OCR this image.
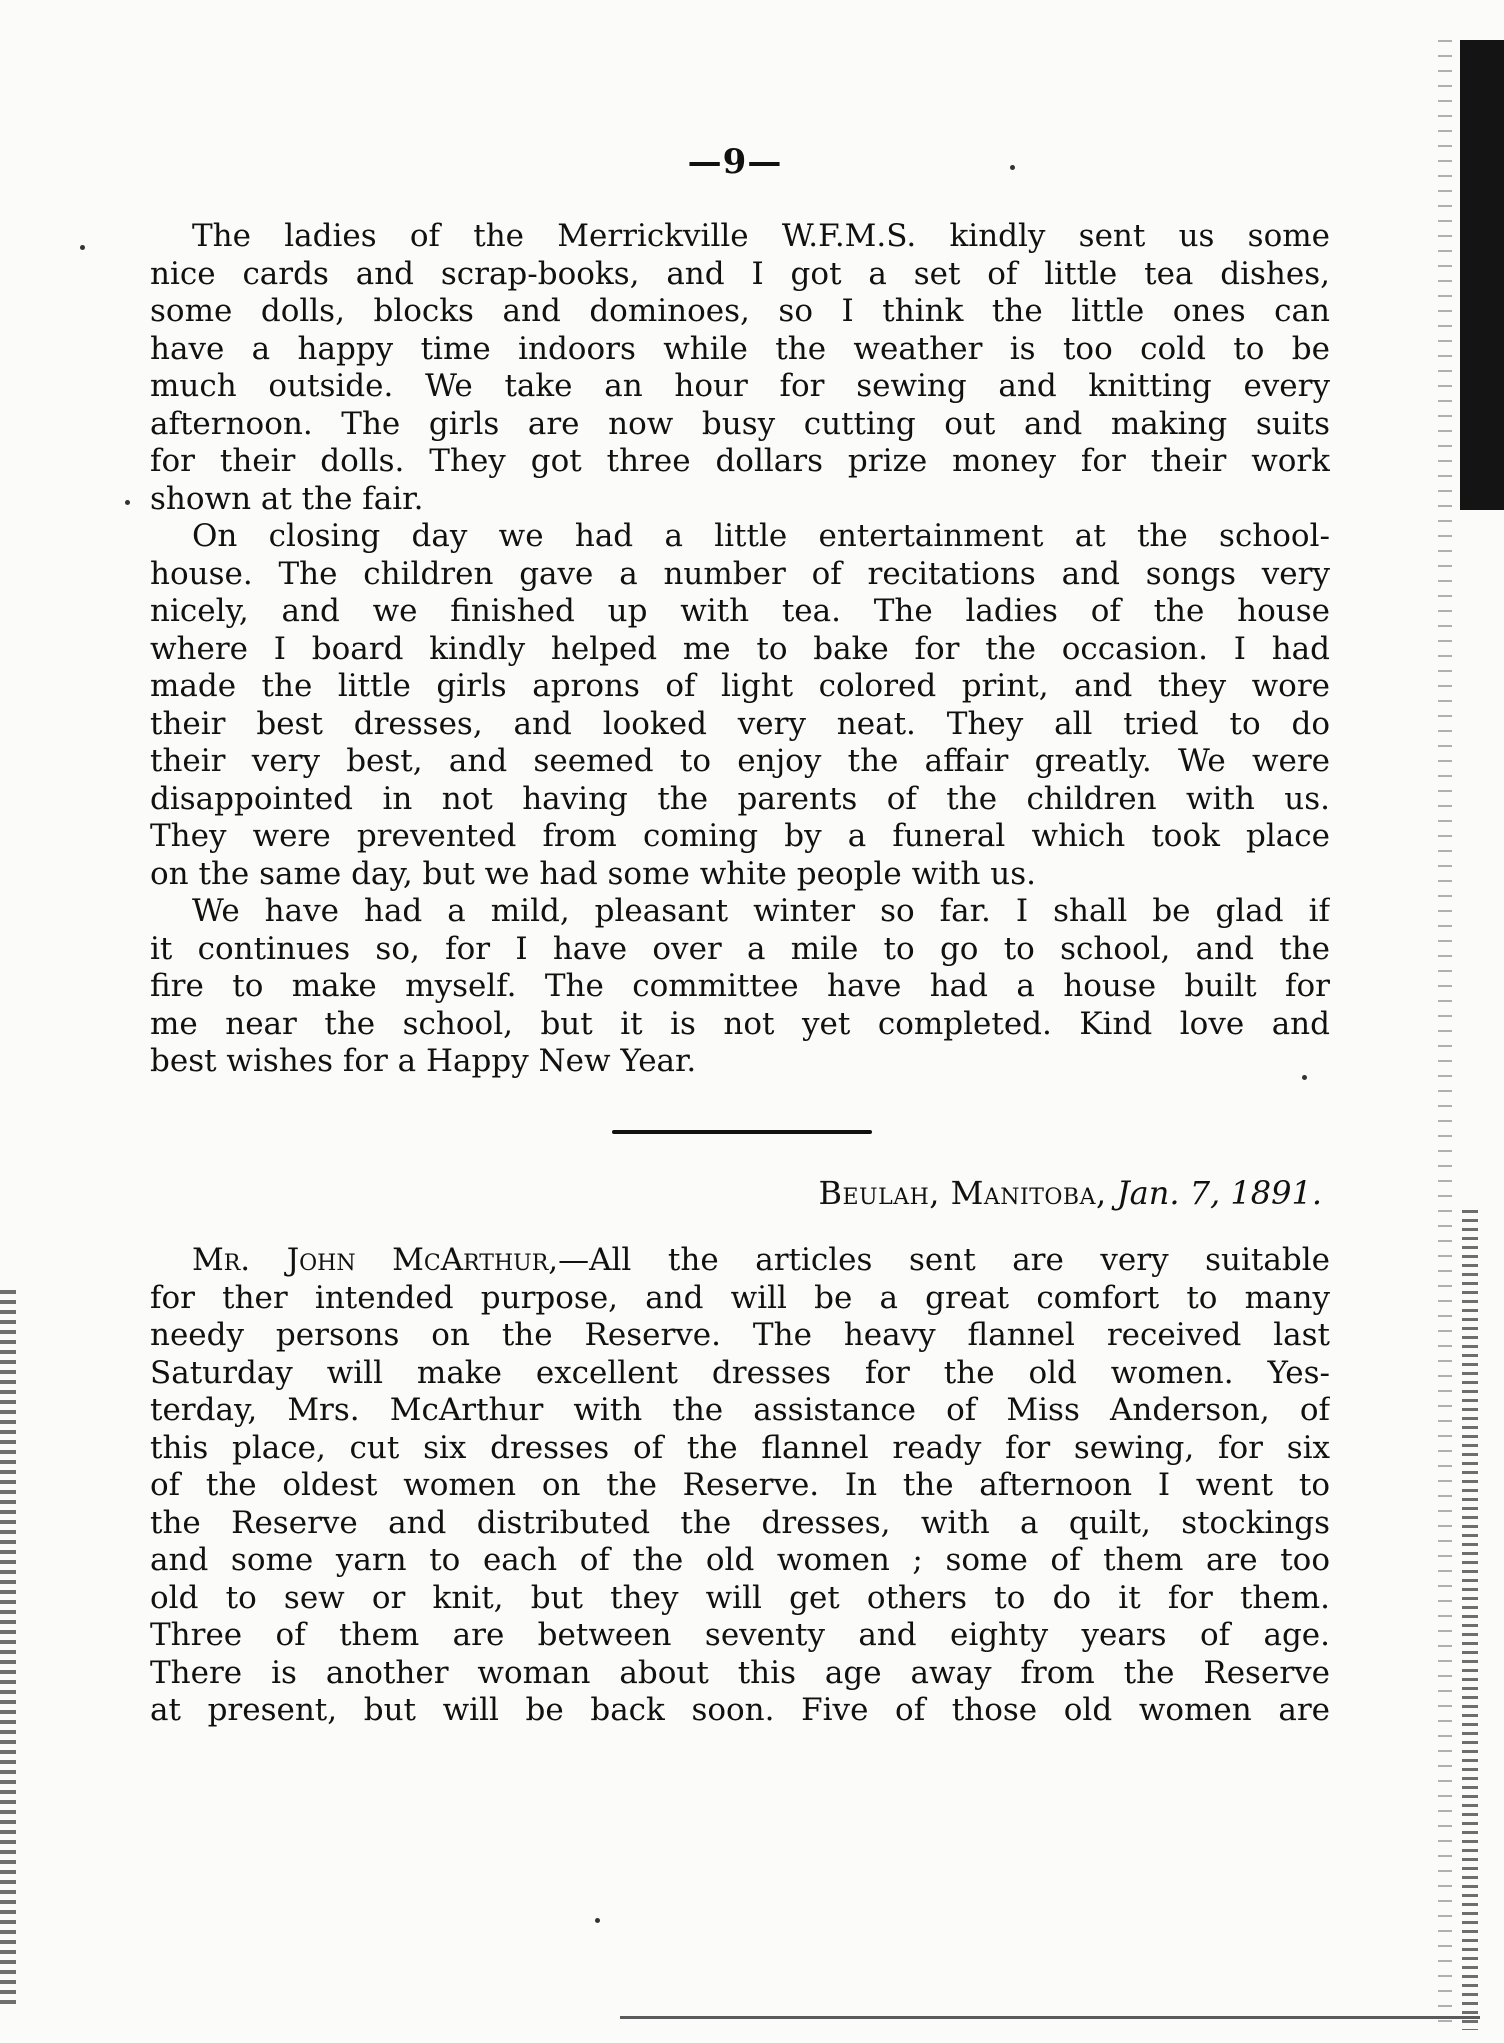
—9—
The ladies of the Merrickville W.F.M.S. kindly sent us some
nice cards and scrap-books, and I got a set of little tea dishes,
some dolls, blocks and dominoes, so I think the little ones can
have a happy time indoors while the weather is too cold to be
much outside. We take an hour for sewing and knitting every
afternoon. The girls are now busy cutting out and making suits
for their dolls. They got three dollars prize money for their work
shown at the fair.
On closing day we had a little entertainment at the school-
house. The children gave a number of recitations and songs very
nicely, and we finished up with tea. The ladies of the house
where I board kindly helped me to bake for the occasion. I had
made the little girls aprons of light colored print, and they wore
their best dresses, and looked very neat. They all tried to do
their very best, and seemed to enjoy the affair greatly. We were
disappointed in not having the parents of the children with us.
They were prevented from coming by a funeral which took place
on the same day, but we had some white people with us.
We have had a mild, pleasant winter so far. I shall be glad if
it continues so, for I have over a mile to go to school, and the
fire to make myself. The committee have had a house built for
me near the school, but it is not yet completed. Kind love and
best wishes for a Happy New Year.
Beulah, Manitoba, Jan. 7, 1891.
Mr. John McArthur,—All the articles sent are very suitable
for ther intended purpose, and will be a great comfort to many
needy persons on the Reserve. The heavy flannel received last
Saturday will make excellent dresses for the old women. Yes-
terday, Mrs. McArthur with the assistance of Miss Anderson, of
this place, cut six dresses of the flannel ready for sewing, for six
of the oldest women on the Reserve. In the afternoon I went to
the Reserve and distributed the dresses, with a quilt, stockings
and some yarn to each of the old women ; some of them are too
old to sew or knit, but they will get others to do it for them.
Three of them are between seventy and eighty years of age.
There is another woman about this age away from the Reserve
at present, but will be back soon. Five of those old women are
